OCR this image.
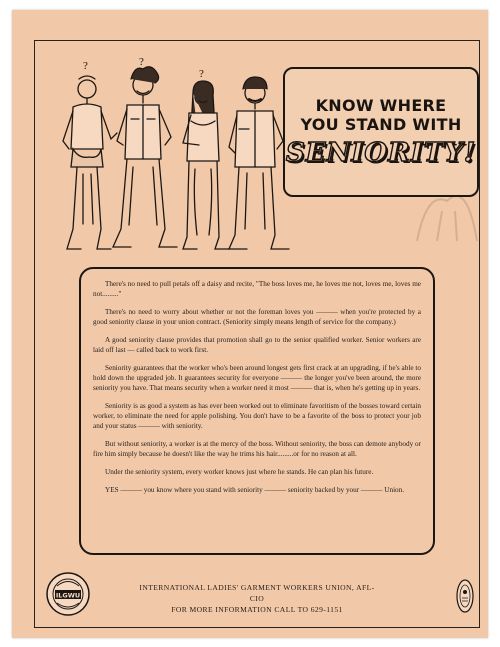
?	?
?
KNOW WHERE
YOU STAND WITH
SENIORITY!

There's no need to pull petals off a daisy and recite, "The boss loves me, he loves me not, loves me, loves me not........."

There's no need to worry about whether or not the foreman loves you ——— when you're protected by a good seniority clause in your union contract. (Seniority simply means length of service for the company.)

A good seniority clause provides that promotion shall go to the senior qualified worker. Senior workers are laid off last — called back to work first.

Seniority guarantees that the worker who's been around longest gets first crack at an upgrading, if he's able to hold down the upgraded job. It guarantees security for everyone ——— the longer you've been around, the more seniority you have. That means security when a worker need it most ——— that is, when he's getting up in years.

Seniority is as good a system as has ever been worked out to eliminate favoritism of the bosses toward certain worker, to eliminate the need for apple polishing. You don't have to be a favorite of the boss to protect your job and your status ——— with seniority.

But without seniority, a worker is at the mercy of the boss. Without seniority, the boss can demote anybody or fire him simply because he doesn't like the way he trims his hair.........or for no reason at all.

Under the seniority system, every worker knows just where he stands. He can plan his future.

YES ——— you know where you stand with seniority ——— seniority backed by your ——— Union.

ILGWU
INTERNATIONAL LADIES' GARMENT WORKERS UNION, AFL-CIO
FOR MORE INFORMATION CALL TO 629-1151
